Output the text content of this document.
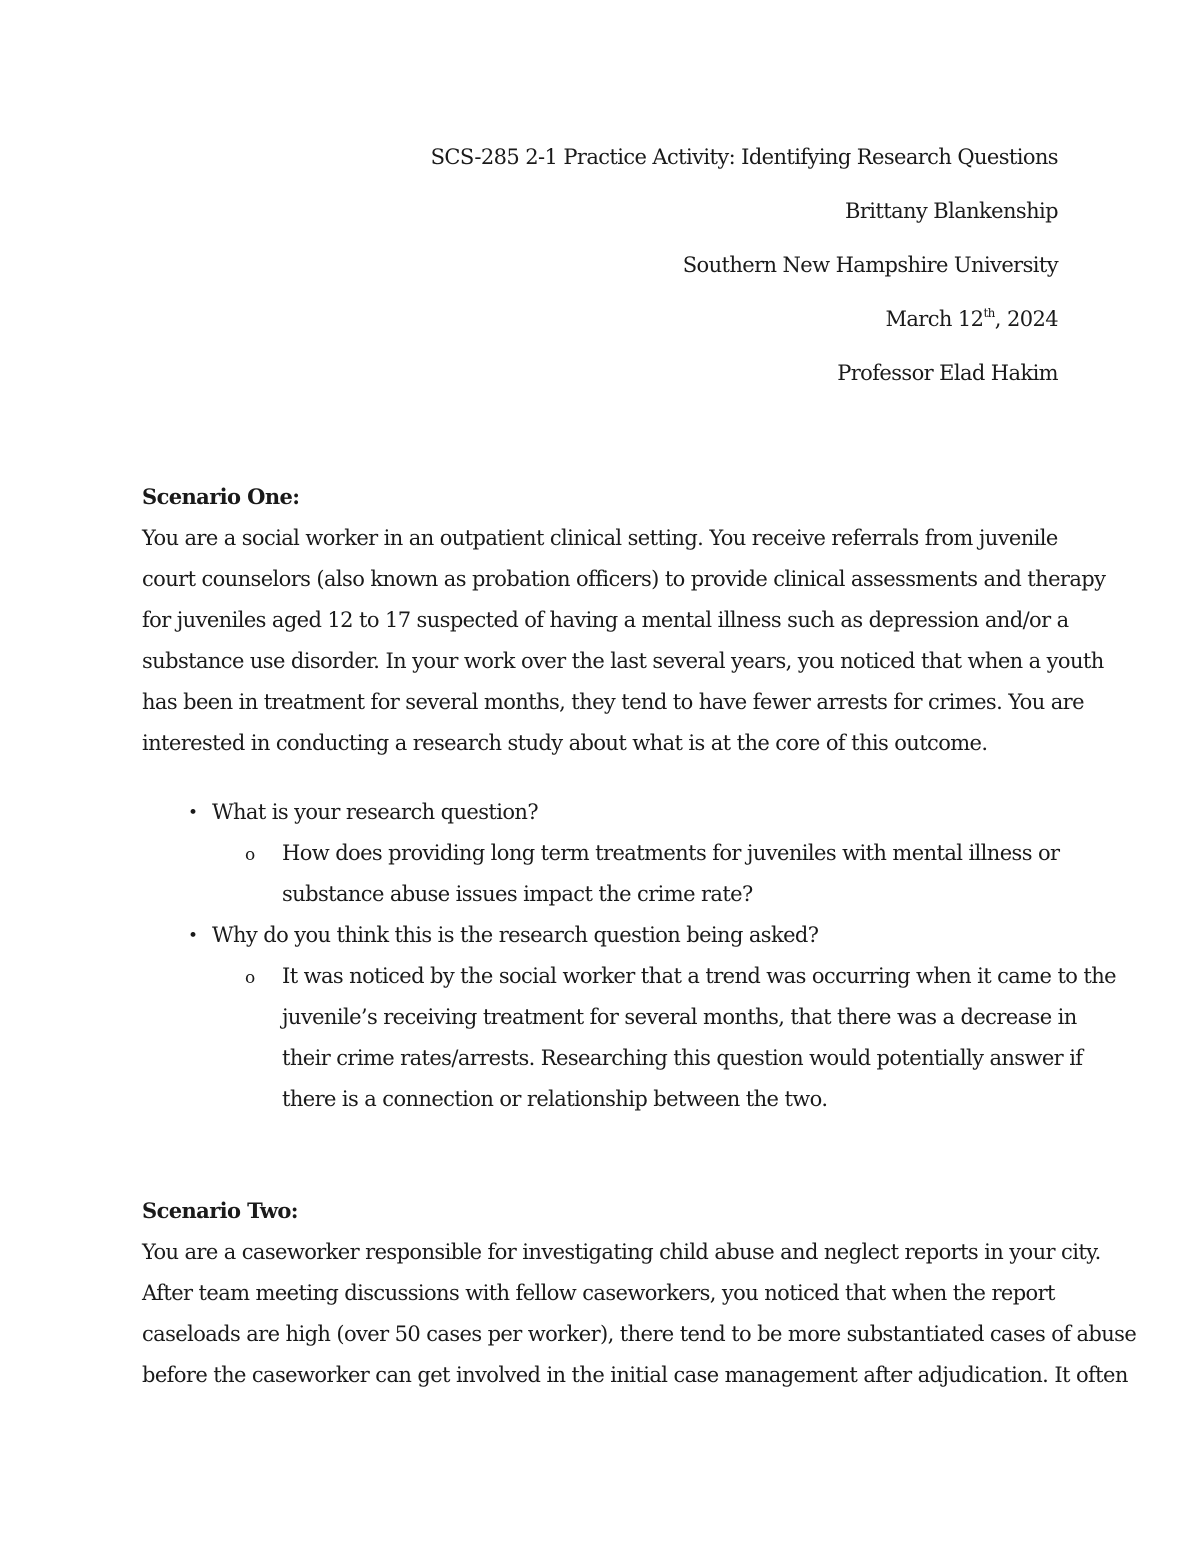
SCS-285 2-1 Practice Activity: Identifying Research Questions
Brittany Blankenship
Southern New Hampshire University
March 12th, 2024
Professor Elad Hakim
Scenario One:
You are a social worker in an outpatient clinical setting. You receive referrals from juvenile
court counselors (also known as probation officers) to provide clinical assessments and therapy
for juveniles aged 12 to 17 suspected of having a mental illness such as depression and/or a
substance use disorder. In your work over the last several years, you noticed that when a youth
has been in treatment for several months, they tend to have fewer arrests for crimes. You are
interested in conducting a research study about what is at the core of this outcome.
• What is your research question?
o How does providing long term treatments for juveniles with mental illness or
substance abuse issues impact the crime rate?
• Why do you think this is the research question being asked?
o It was noticed by the social worker that a trend was occurring when it came to the
juvenile’s receiving treatment for several months, that there was a decrease in
their crime rates/arrests. Researching this question would potentially answer if
there is a connection or relationship between the two.
Scenario Two:
You are a caseworker responsible for investigating child abuse and neglect reports in your city.
After team meeting discussions with fellow caseworkers, you noticed that when the report
caseloads are high (over 50 cases per worker), there tend to be more substantiated cases of abuse
before the caseworker can get involved in the initial case management after adjudication. It often
